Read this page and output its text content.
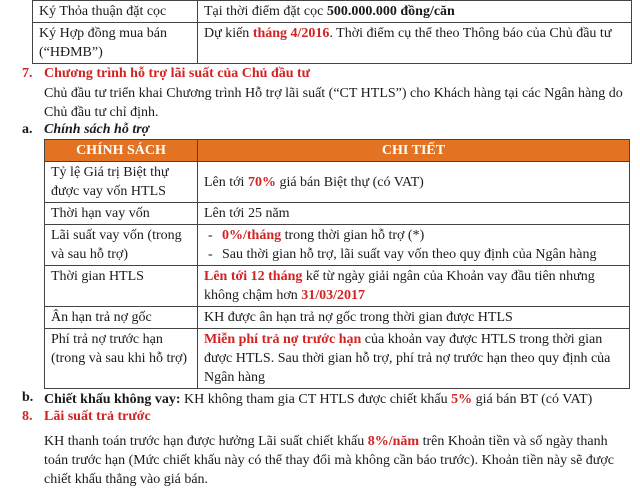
Ký Thỏa thuận đặt cọc	Tại thời điểm đặt cọc 500.000.000 đồng/căn
Ký Hợp đồng mua bán (“HĐMB”)	Dự kiến tháng 4/2016. Thời điểm cụ thể theo Thông báo của Chủ đầu tư
7. Chương trình hỗ trợ lãi suất của Chủ đầu tư
Chủ đầu tư triển khai Chương trình Hỗ trợ lãi suất (“CT HTLS”) cho Khách hàng tại các Ngân hàng do Chủ đầu tư chỉ định.
a. Chính sách hỗ trợ
CHÍNH SÁCH	CHI TIẾT
Tỷ lệ Giá trị Biệt thự được vay vốn HTLS	Lên tới 70% giá bán Biệt thự (có VAT)
Thời hạn vay vốn	Lên tới 25 năm
Lãi suất vay vốn (trong và sau hỗ trợ)	- 0%/tháng trong thời gian hỗ trợ (*)
- Sau thời gian hỗ trợ, lãi suất vay vốn theo quy định của Ngân hàng

Thời gian HTLS	Lên tới 12 tháng kể từ ngày giải ngân của Khoản vay đầu tiên nhưng không chậm hơn 31/03/2017
Ân hạn trả nợ gốc	KH được ân hạn trả nợ gốc trong thời gian được HTLS
Phí trả nợ trước hạn (trong và sau khi hỗ trợ)	Miễn phí trả nợ trước hạn của khoản vay được HTLS trong thời gian được HTLS. Sau thời gian hỗ trợ, phí trả nợ trước hạn theo quy định của Ngân hàng
b. Chiết khấu không vay: KH không tham gia CT HTLS được chiết khấu 5% giá bán BT (có VAT)
8. Lãi suất trả trước
KH thanh toán trước hạn được hưởng Lãi suất chiết khấu 8%/năm trên Khoản tiền và số ngày thanh toán trước hạn (Mức chiết khấu này có thể thay đổi mà không cần báo trước). Khoản tiền này sẽ được chiết khấu thẳng vào giá bán.
